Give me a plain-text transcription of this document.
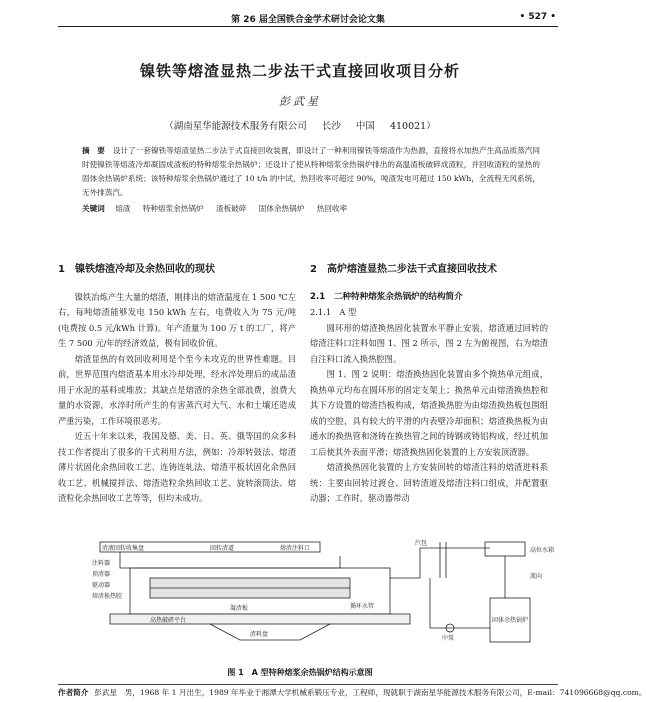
第 26 届全国铁合金学术研讨会论文集	• 527 •
镍铁等熔渣显热二步法干式直接回收项目分析
彭武星
（湖南星华能源技术服务有限公司 长沙 中国 410021）
摘　要 设计了一套镍铁等熔渣显热二步法干式直接回收装置，即设计了一种利用镍铁等熔渣作为热源，直接将水加热产生高品质蒸汽同时使镍铁等熔渣冷却凝固成渣板的特种熔浆余热锅炉；还设计了使从特种熔浆余热锅炉排出的高温渣板破碎成渣粒，并回收渣粒的显热的固体余热锅炉系统；该特种熔浆余热锅炉通过了 10 t/h 的中试，热回收率可超过 90%，吨渣发电可超过 150 kWh，全流程无风系统，无外排蒸汽。
关键词 熔渣 特种熔浆余热锅炉 渣板破碎 固体余热锅炉 热回收率
1　镍铁熔渣冷却及余热回收的现状

镍铁冶炼产生大量的熔渣，刚排出的熔渣温度在 1 500 ℃左右，每吨熔渣能够发电 150 kWh 左右，电费收入为 75 元/吨(电费按 0.5 元/kWh 计算)。年产渣量为 100 万 t 的工厂，将产生 7 500 元/年的经济效益，极有回收价值。

熔渣显热的有效回收利用是个至今未攻克的世界性难题。目前，世界范围内熔渣基本用水冷却处理，经水淬处理后的成品渣用于水泥的基料或堆放；其缺点是熔渣的余热全部浪费，浪费大量的水资源，水淬时所产生的有害蒸汽对大气、水和土壤还造成严重污染，工作环境很恶劣。

近五十年来以来，我国及德、美、日、英、俄等国的众多科技工作者提出了很多的干式利用方法，例如：冷却转鼓法、熔渣薄片状固化余热回收工艺、连铸连轧法、熔渣平板状固化余热回收工艺、机械搅拌法、熔渣造粒余热回收工艺、旋转滚筒法、熔渣粒化余热回收工艺等等，但均未成功。

2　高炉熔渣显热二步法干式直接回收技术
2.1　二种特种熔浆余热锅炉的结构简介
2.1.1　A 型

圆环形的熔渣换热固化装置水平静止安装，熔渣通过回转的熔渣注料口注料如图 1、图 2 所示，图 2 左为俯视图，右为熔渣自注料口流入换热腔图。

图 1、图 2 说明：熔渣换热固化装置由多个换热单元组成，换热单元均布在圆环形的固定支架上；换热单元由熔渣换热腔和其下方设置的熔渣挡板构成，熔渣换热腔为由熔渣换热板包围组成的空腔，具有较大的平滑的内表壁冷却面积；熔渣换热板为由通水的换热管和浇铸在换热管之间的铸钢或铸铝构成，经过机加工后使其外表面平滑；熔渣换热固化装置的上方安装顶渣器。

熔渣换热固化装置的上方安装回转的熔渣注料的熔渣进料系统：主要由回转过渡仓、回转渣道及熔渣注料口组成，并配置驱动器；工作时，驱动器带动

渣液回转收集盘	回转渣道	熔渣注料口
注料器
顶渣器
驱动器
熔渣换热腔
汽包
高位水箱
流向
高热破碎平台
凝渣板
渣料盘
固体余热锅炉
中泵
循环水管
图 1　A 型特种熔浆余热锅炉结构示意图
作者简介 彭武星　男，1968 年 1 月出生，1989 年毕业于湘潭大学机械系锻压专业，工程师，现就职于湖南星华能源技术服务有限公司，E-mail：741096668@qq.com。
